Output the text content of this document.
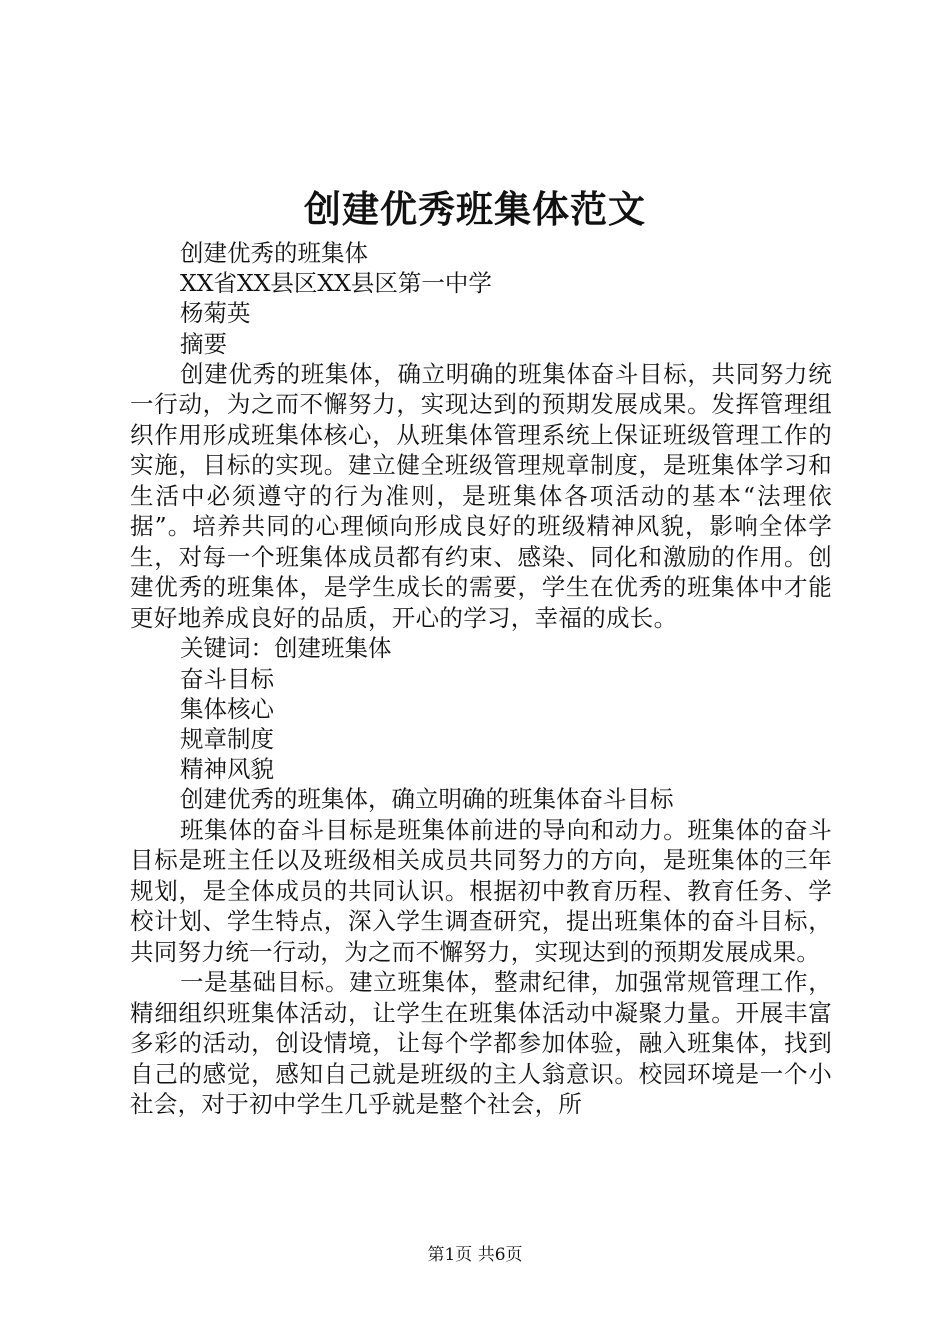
创建优秀班集体范文

创建优秀的班集体

XX省XX县区XX县区第一中学

杨菊英

摘要

创建优秀的班集体，确立明确的班集体奋斗目标，共同努力统一行动，为之而不懈努力，实现达到的预期发展成果。发挥管理组织作用形成班集体核心，从班集体管理系统上保证班级管理工作的实施，目标的实现。建立健全班级管理规章制度，是班集体学习和生活中必须遵守的行为准则，是班集体各项活动的基本“法理依据”。培养共同的心理倾向形成良好的班级精神风貌，影响全体学生，对每一个班集体成员都有约束、感染、同化和激励的作用。创建优秀的班集体，是学生成长的需要，学生在优秀的班集体中才能更好地养成良好的品质，开心的学习，幸福的成长。

关键词：创建班集体

奋斗目标

集体核心

规章制度

精神风貌

创建优秀的班集体，确立明确的班集体奋斗目标

班集体的奋斗目标是班集体前进的导向和动力。班集体的奋斗目标是班主任以及班级相关成员共同努力的方向，是班集体的三年规划，是全体成员的共同认识。根据初中教育历程、教育任务、学校计划、学生特点，深入学生调查研究，提出班集体的奋斗目标，共同努力统一行动，为之而不懈努力，实现达到的预期发展成果。

一是基础目标。建立班集体，整肃纪律，加强常规管理工作，精细组织班集体活动，让学生在班集体活动中凝聚力量。开展丰富多彩的活动，创设情境，让每个学都参加体验，融入班集体，找到自己的感觉，感知自己就是班级的主人翁意识。校园环境是一个小社会，对于初中学生几乎就是整个社会，所

第1页 共6页
